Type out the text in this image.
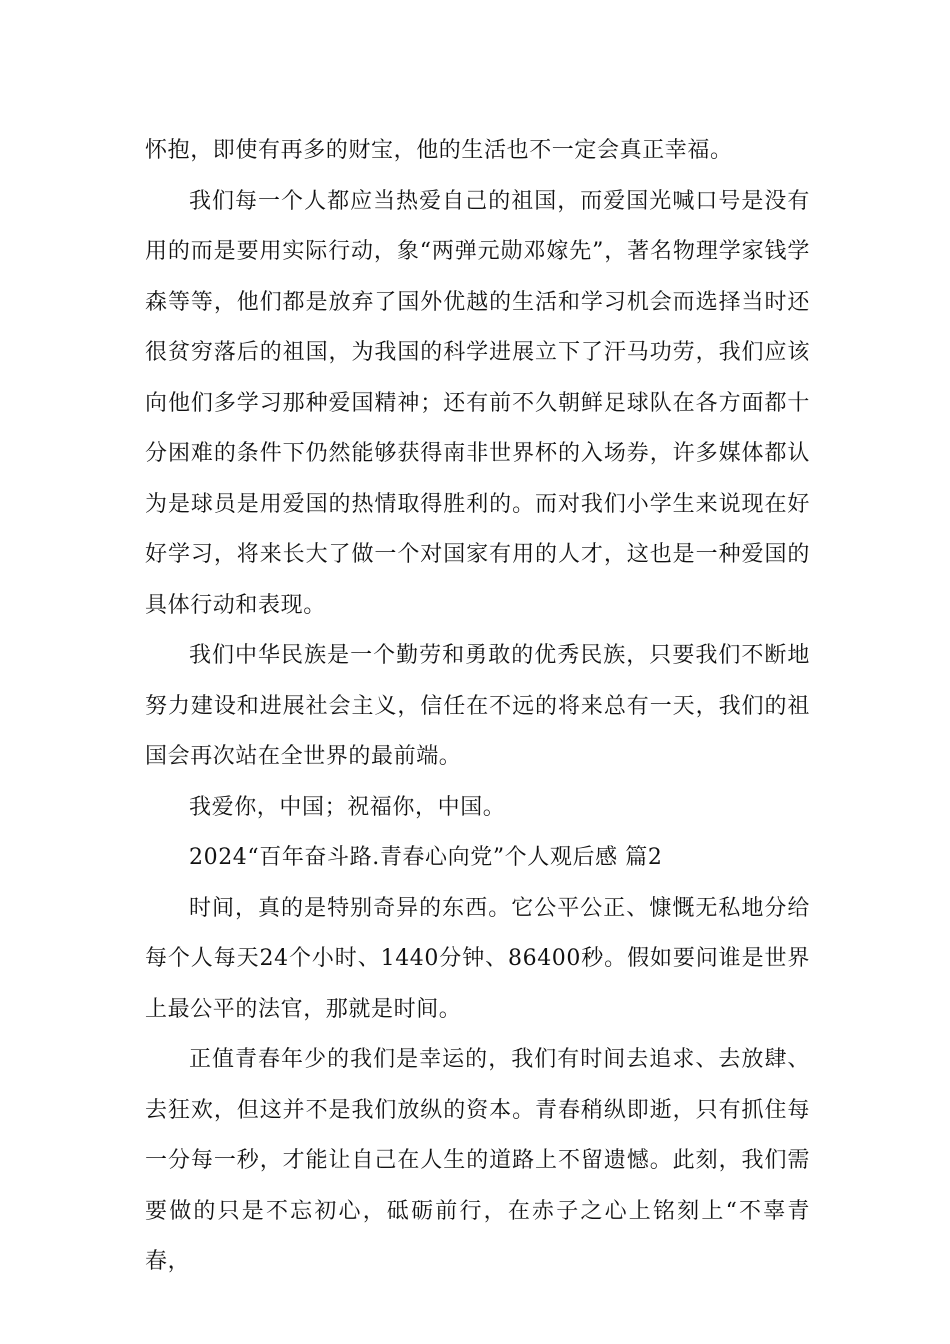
怀抱，即使有再多的财宝，他的生活也不一定会真正幸福。

我们每一个人都应当热爱自己的祖国，而爱国光喊口号是没有用的而是要用实际行动，象“两弹元勋邓嫁先”，著名物理学家钱学森等等，他们都是放弃了国外优越的生活和学习机会而选择当时还很贫穷落后的祖国，为我国的科学进展立下了汗马功劳，我们应该向他们多学习那种爱国精神；还有前不久朝鲜足球队在各方面都十分困难的条件下仍然能够获得南非世界杯的入场券，许多媒体都认为是球员是用爱国的热情取得胜利的。而对我们小学生来说现在好好学习，将来长大了做一个对国家有用的人才，这也是一种爱国的具体行动和表现。

我们中华民族是一个勤劳和勇敢的优秀民族，只要我们不断地努力建设和进展社会主义，信任在不远的将来总有一天，我们的祖国会再次站在全世界的最前端。

我爱你，中国；祝福你，中国。

2024“百年奋斗路.青春心向党”个人观后感 篇2

时间，真的是特别奇异的东西。它公平公正、慷慨无私地分给每个人每天24个小时、1440分钟、86400秒。假如要问谁是世界上最公平的法官，那就是时间。

正值青春年少的我们是幸运的，我们有时间去追求、去放肆、去狂欢，但这并不是我们放纵的资本。青春稍纵即逝，只有抓住每一分每一秒，才能让自己在人生的道路上不留遗憾。此刻，我们需要做的只是不忘初心，砥砺前行，在赤子之心上铭刻上“不辜青春，
